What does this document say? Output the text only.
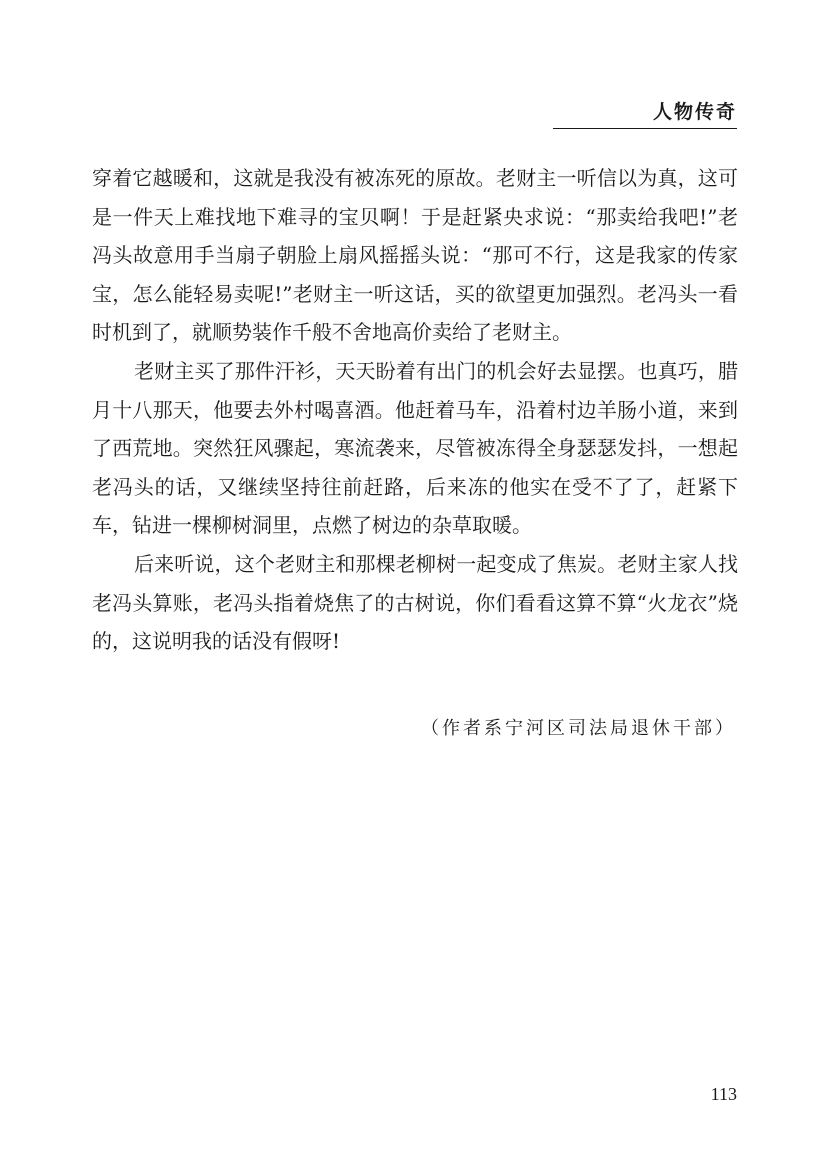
人物传奇

穿着它越暖和，这就是我没有被冻死的原故。老财主一听信以为真，这可是一件天上难找地下难寻的宝贝啊！于是赶紧央求说：“那卖给我吧!”老冯头故意用手当扇子朝脸上扇风摇摇头说：“那可不行，这是我家的传家宝，怎么能轻易卖呢!”老财主一听这话，买的欲望更加强烈。老冯头一看时机到了，就顺势装作千般不舍地高价卖给了老财主。

老财主买了那件汗衫，天天盼着有出门的机会好去显摆。也真巧，腊月十八那天，他要去外村喝喜酒。他赶着马车，沿着村边羊肠小道，来到了西荒地。突然狂风骤起，寒流袭来，尽管被冻得全身瑟瑟发抖，一想起老冯头的话，又继续坚持往前赶路，后来冻的他实在受不了了，赶紧下车，钻进一棵柳树洞里，点燃了树边的杂草取暖。

后来听说，这个老财主和那棵老柳树一起变成了焦炭。老财主家人找老冯头算账，老冯头指着烧焦了的古树说，你们看看这算不算“火龙衣”烧的，这说明我的话没有假呀!

（作者系宁河区司法局退休干部）
113
